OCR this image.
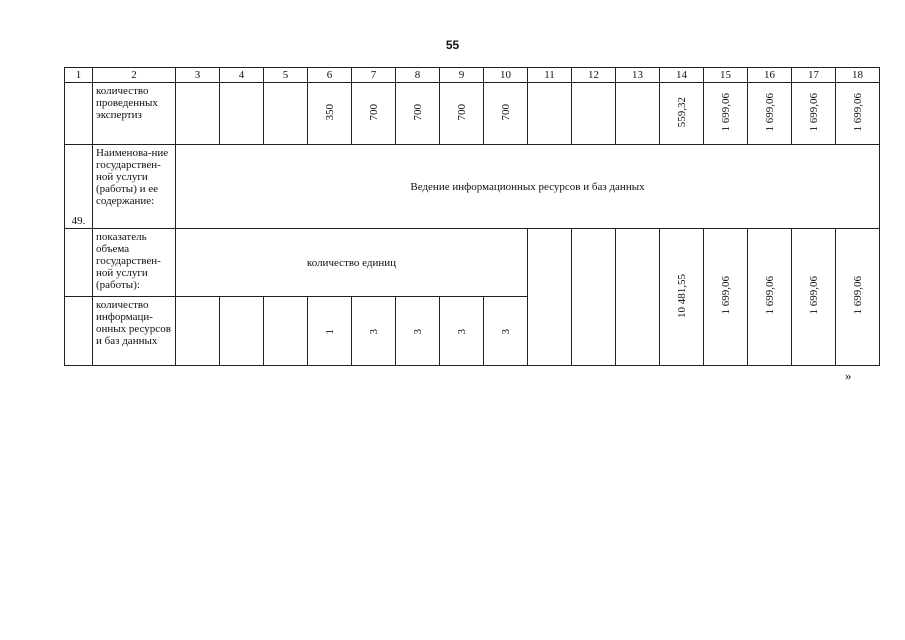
55
1	2	3	4	5	6	7	8	9	10	11	12	13	14	15	16	17	18
	количество проведенных экспертиз				350	700	700	700	700				559,32	1 699,06	1 699,06	1 699,06	1 699,06
49.	Наименова-ние государствен-ной услуги (работы) и ее содержание:	Ведение информационных ресурсов и баз данных															
	показатель объема государствен-ной услуги (работы):	количество единиц											10 481,55	1 699,06	1 699,06	1 699,06	1 699,06
	количество информаци-онных ресурсов и баз данных				1	3	3	3	3								
»
